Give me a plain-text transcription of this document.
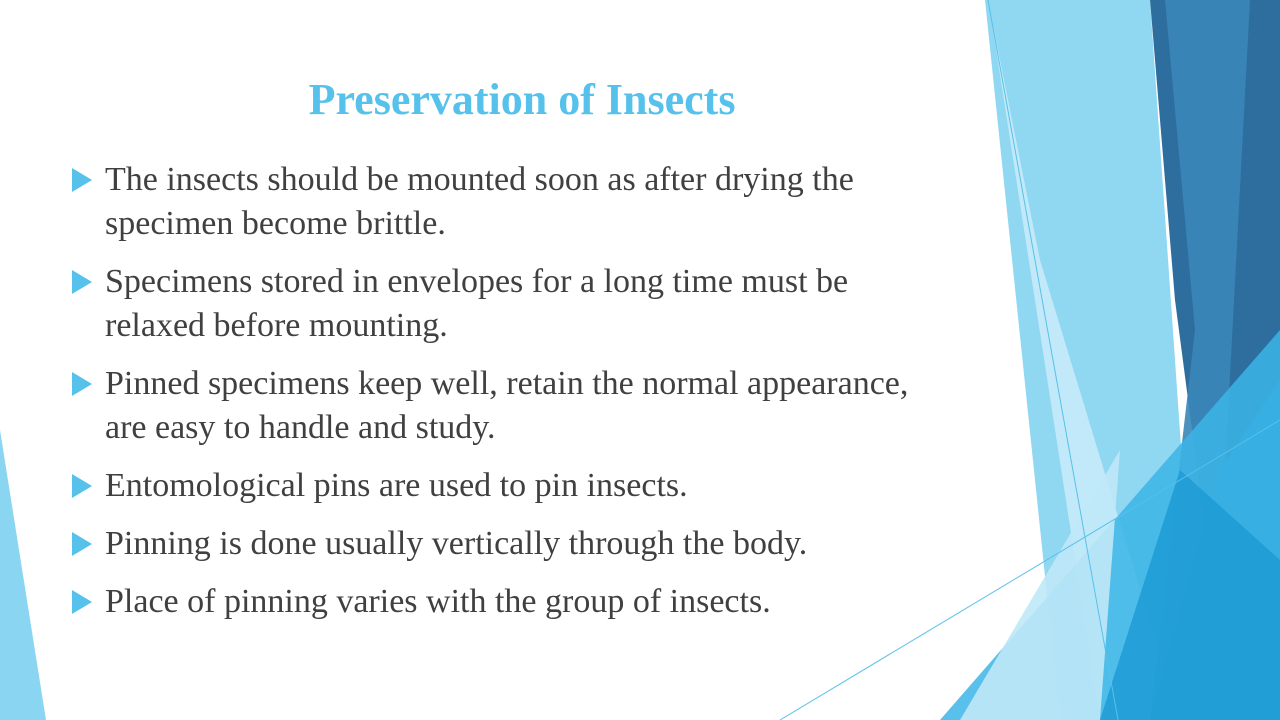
Preservation of Insects
The insects should be mounted soon as after drying the specimen become brittle.
Specimens stored in envelopes for a long time must be relaxed before mounting.
Pinned specimens keep well, retain the normal appearance, are easy to handle and study.
Entomological pins are used to pin insects.
Pinning is done usually vertically through the body.
Place of pinning varies with the group of insects.
